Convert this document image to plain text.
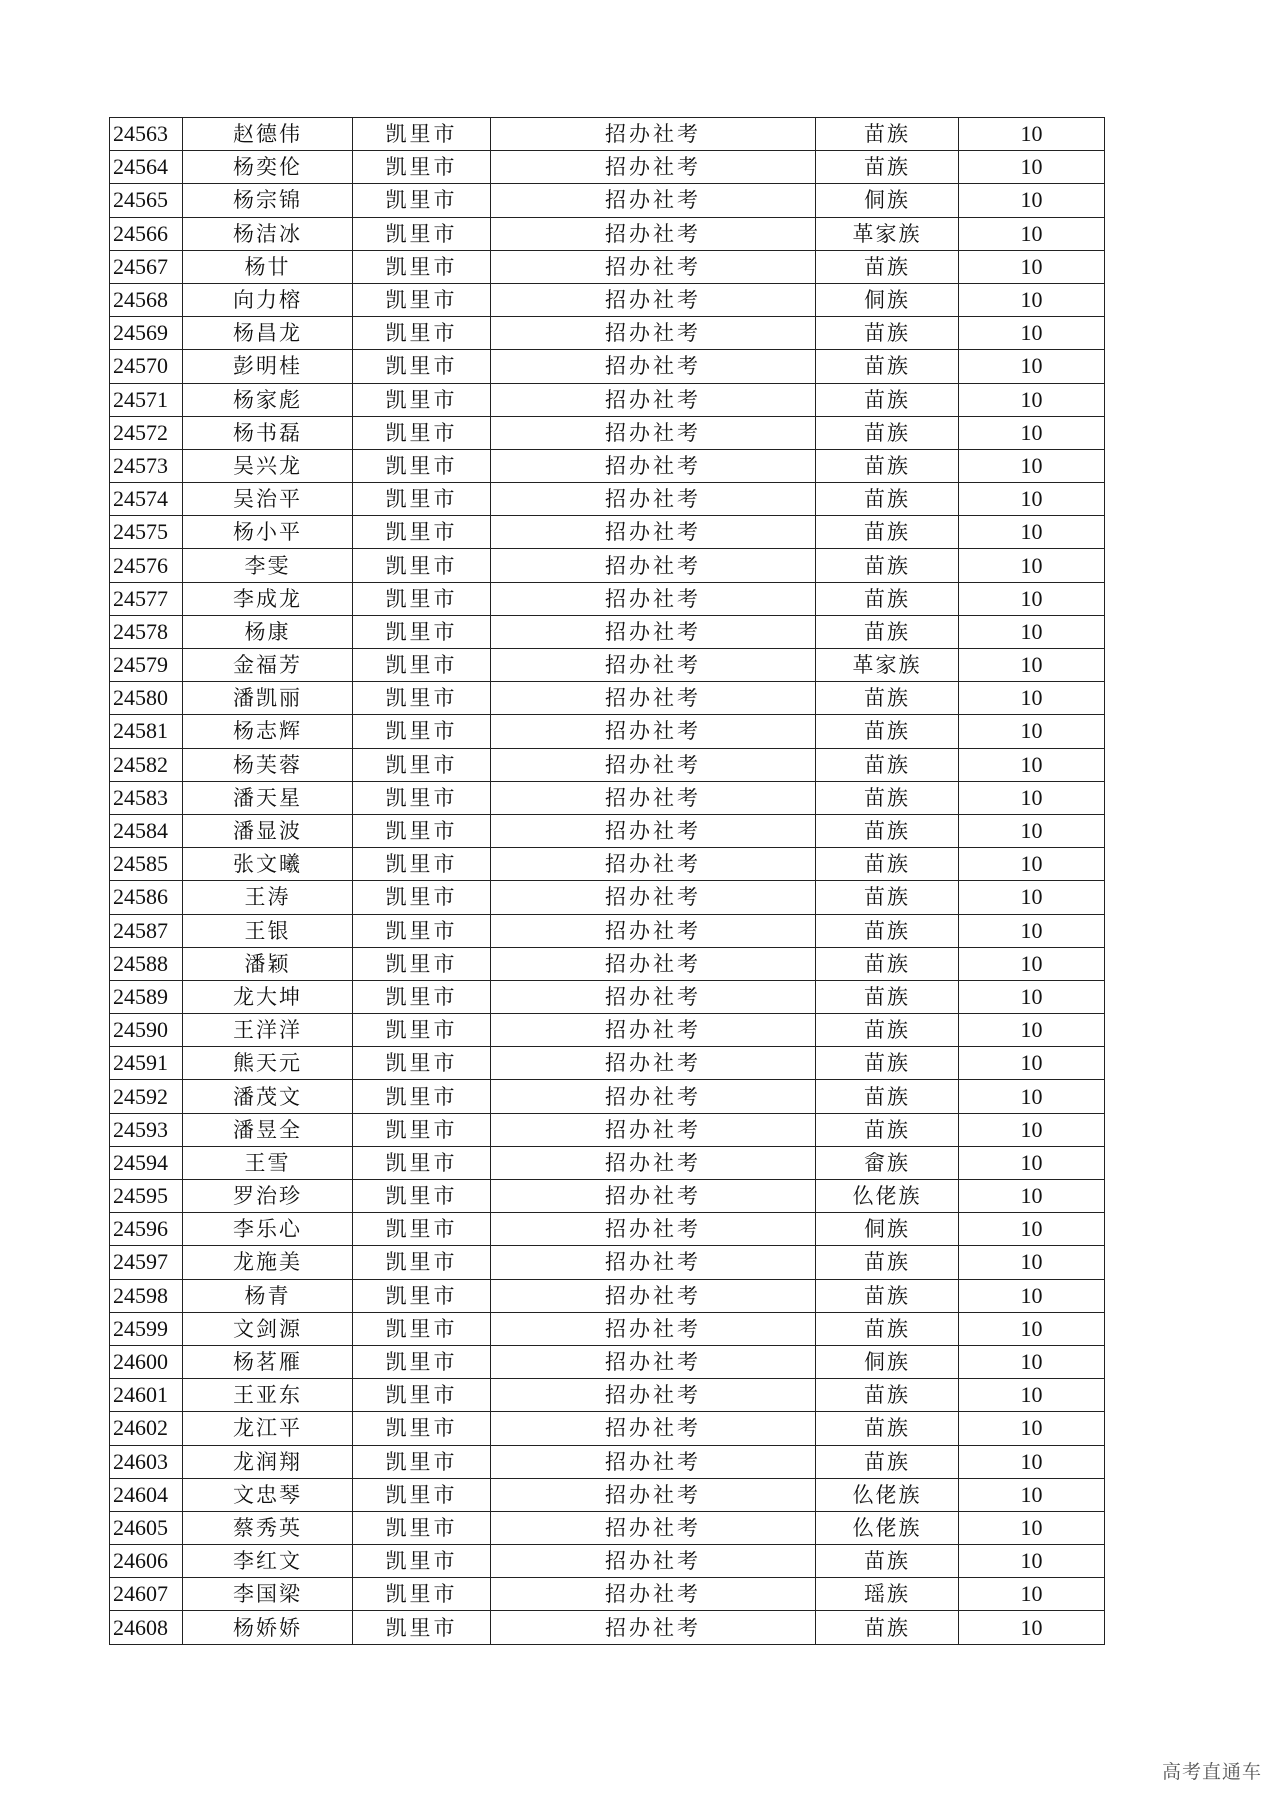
24563	赵德伟	凯里市	招办社考	苗族	10
24564	杨奕伦	凯里市	招办社考	苗族	10
24565	杨宗锦	凯里市	招办社考	侗族	10
24566	杨洁冰	凯里市	招办社考	革家族	10
24567	杨廿	凯里市	招办社考	苗族	10
24568	向力榕	凯里市	招办社考	侗族	10
24569	杨昌龙	凯里市	招办社考	苗族	10
24570	彭明桂	凯里市	招办社考	苗族	10
24571	杨家彪	凯里市	招办社考	苗族	10
24572	杨书磊	凯里市	招办社考	苗族	10
24573	吴兴龙	凯里市	招办社考	苗族	10
24574	吴治平	凯里市	招办社考	苗族	10
24575	杨小平	凯里市	招办社考	苗族	10
24576	李雯	凯里市	招办社考	苗族	10
24577	李成龙	凯里市	招办社考	苗族	10
24578	杨康	凯里市	招办社考	苗族	10
24579	金福芳	凯里市	招办社考	革家族	10
24580	潘凯丽	凯里市	招办社考	苗族	10
24581	杨志辉	凯里市	招办社考	苗族	10
24582	杨芙蓉	凯里市	招办社考	苗族	10
24583	潘天星	凯里市	招办社考	苗族	10
24584	潘显波	凯里市	招办社考	苗族	10
24585	张文曦	凯里市	招办社考	苗族	10
24586	王涛	凯里市	招办社考	苗族	10
24587	王银	凯里市	招办社考	苗族	10
24588	潘颖	凯里市	招办社考	苗族	10
24589	龙大坤	凯里市	招办社考	苗族	10
24590	王洋洋	凯里市	招办社考	苗族	10
24591	熊天元	凯里市	招办社考	苗族	10
24592	潘茂文	凯里市	招办社考	苗族	10
24593	潘昱全	凯里市	招办社考	苗族	10
24594	王雪	凯里市	招办社考	畲族	10
24595	罗治珍	凯里市	招办社考	仫佬族	10
24596	李乐心	凯里市	招办社考	侗族	10
24597	龙施美	凯里市	招办社考	苗族	10
24598	杨青	凯里市	招办社考	苗族	10
24599	文剑源	凯里市	招办社考	苗族	10
24600	杨茗雁	凯里市	招办社考	侗族	10
24601	王亚东	凯里市	招办社考	苗族	10
24602	龙江平	凯里市	招办社考	苗族	10
24603	龙润翔	凯里市	招办社考	苗族	10
24604	文忠琴	凯里市	招办社考	仫佬族	10
24605	蔡秀英	凯里市	招办社考	仫佬族	10
24606	李红文	凯里市	招办社考	苗族	10
24607	李国梁	凯里市	招办社考	瑶族	10
24608	杨娇娇	凯里市	招办社考	苗族	10
高考直通车
